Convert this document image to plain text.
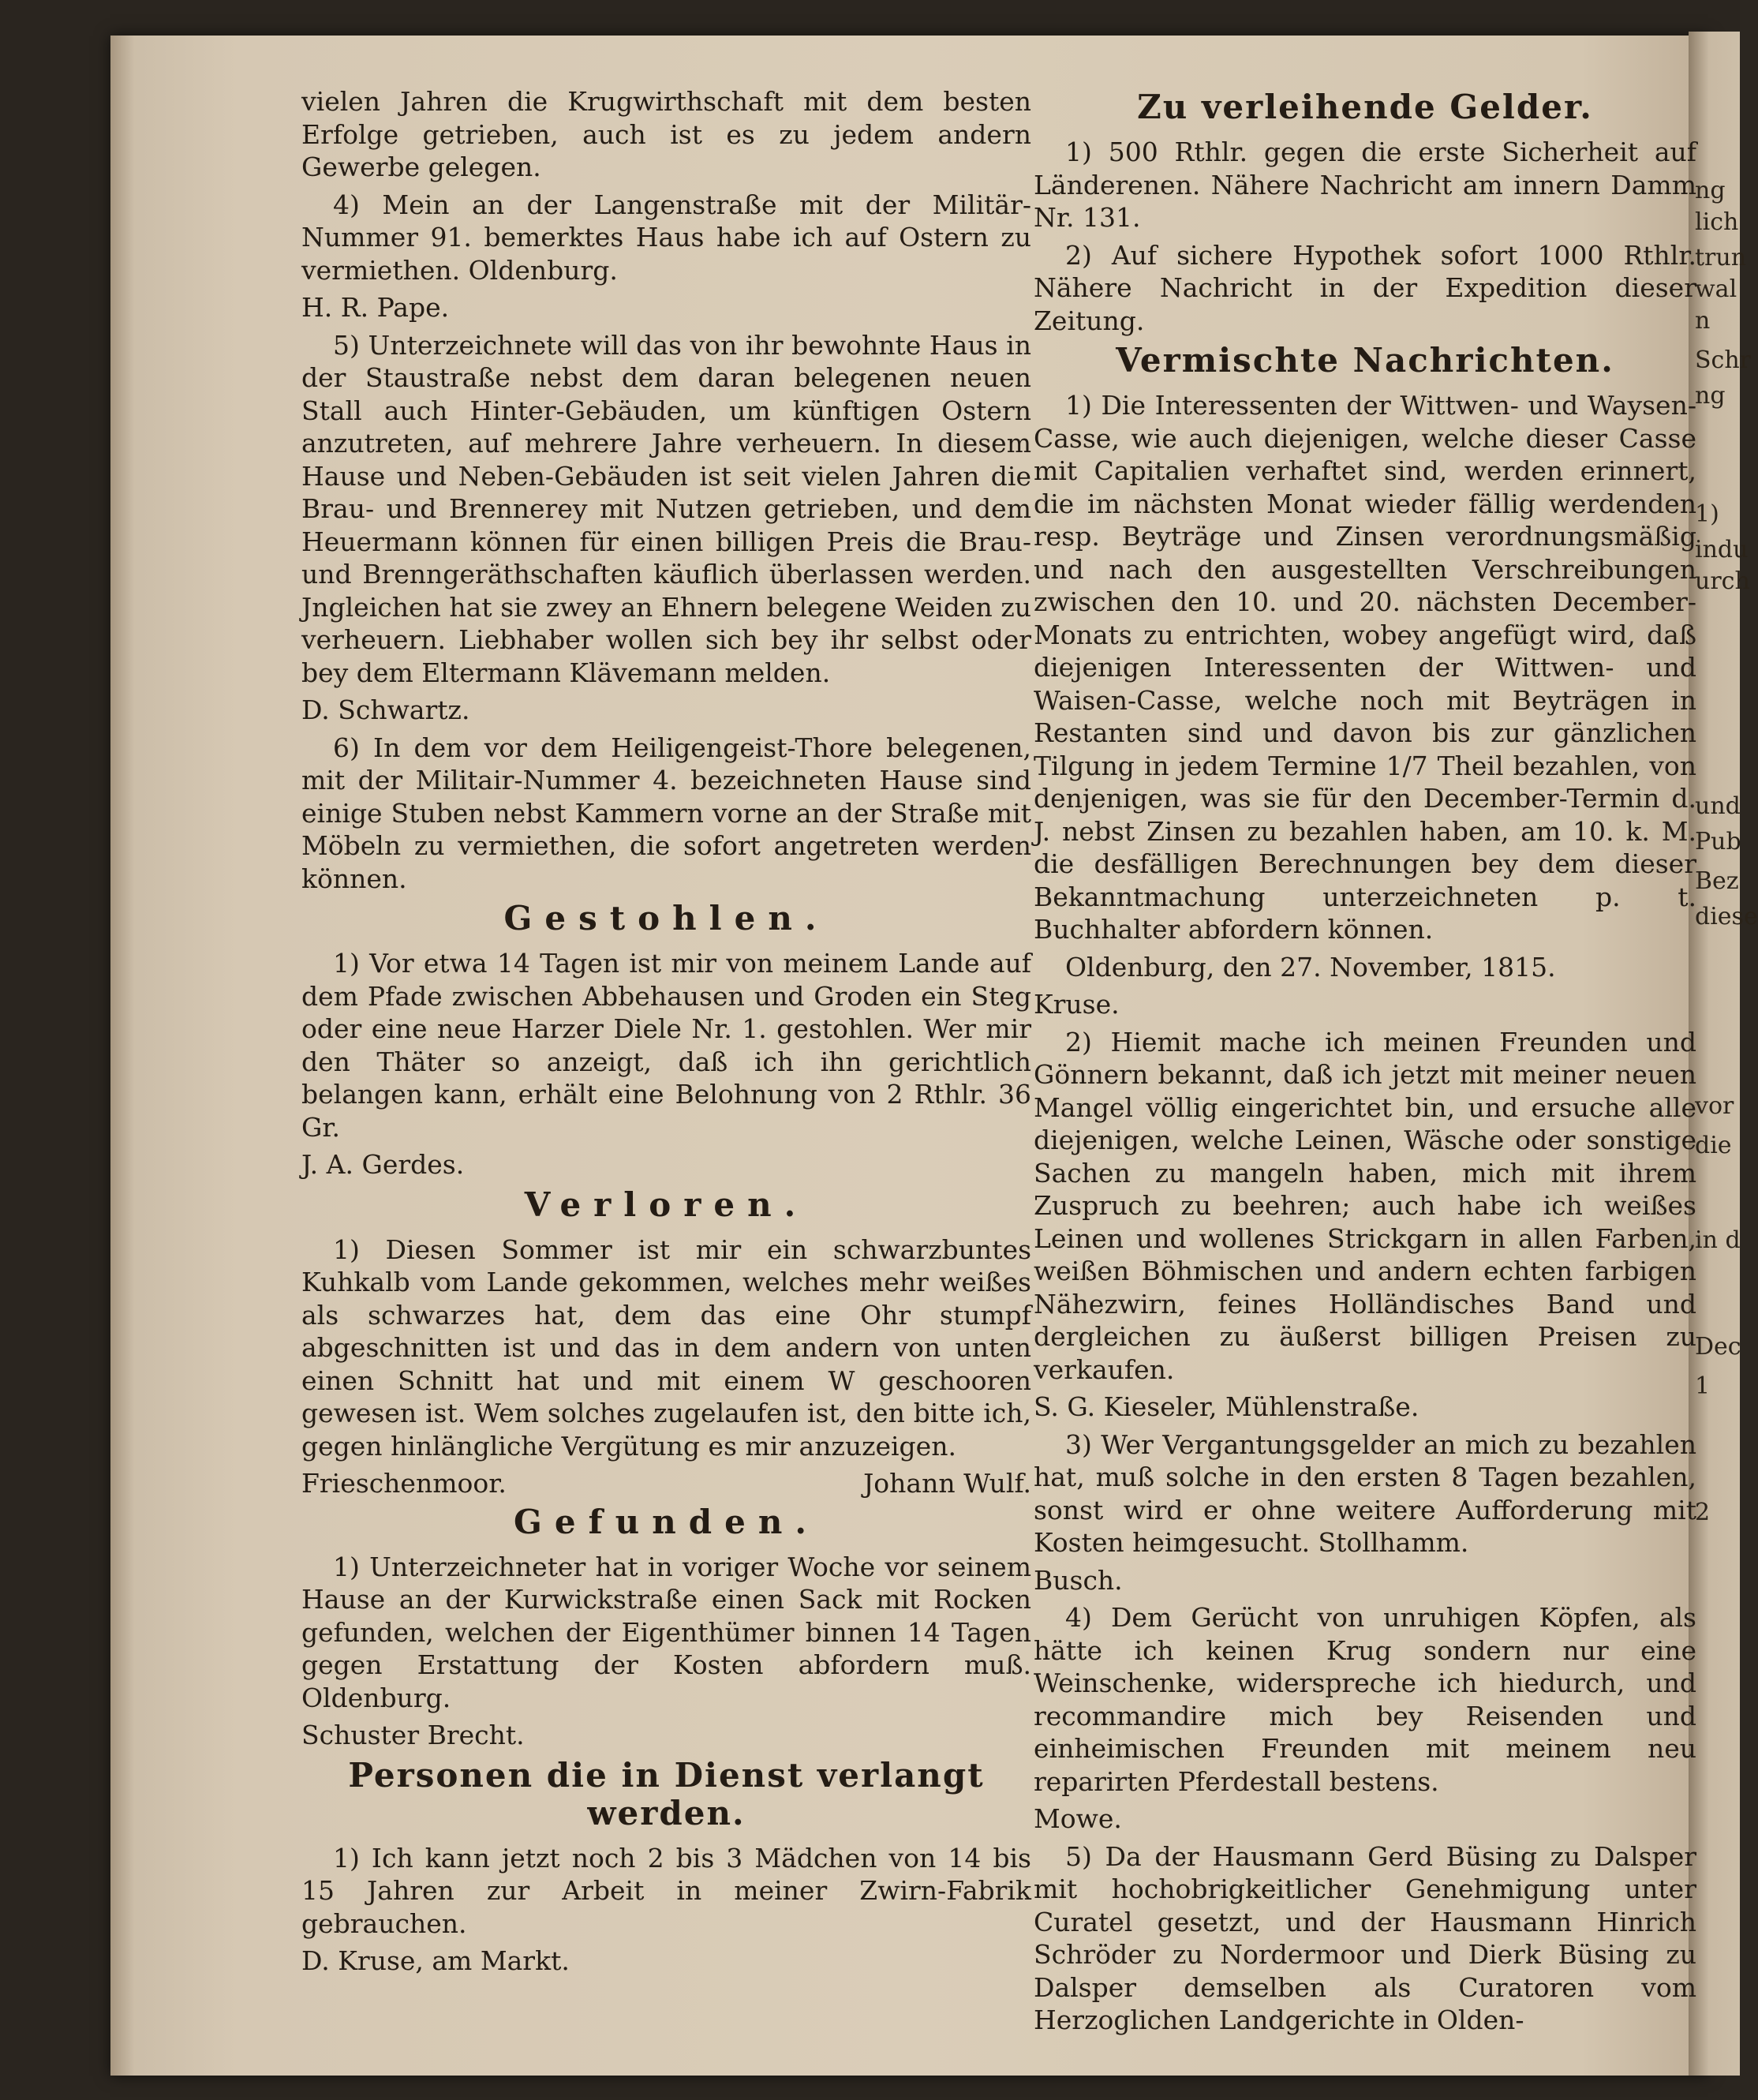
ng
lich
trun
wal
n
Schr
ng
1)
indu
urch
und
Pub
Bez
diese
vor
die
in d
Dec
1
2

vielen Jahren die Krugwirthschaft mit dem besten Erfolge getrieben, auch ist es zu jedem andern Gewerbe gelegen.

4) Mein an der Langenstraße mit der Militär-Nummer 91. bemerktes Haus habe ich auf Ostern zu vermiethen. Oldenburg.

H. R. Pape.

5) Unterzeichnete will das von ihr bewohnte Haus in der Staustraße nebst dem daran belegenen neuen Stall auch Hinter-Gebäuden, um künftigen Ostern anzutreten, auf mehrere Jahre verheuern. In diesem Hause und Neben-Gebäuden ist seit vielen Jahren die Brau- und Brennerey mit Nutzen getrieben, und dem Heuermann können für einen billigen Preis die Brau- und Brenngeräthschaften käuflich überlassen werden. Jngleichen hat sie zwey an Ehnern belegene Weiden zu verheuern. Liebhaber wollen sich bey ihr selbst oder bey dem Eltermann Klävemann melden.

D. Schwartz.

6) In dem vor dem Heiligengeist-Thore belegenen, mit der Militair-Nummer 4. bezeichneten Hause sind einige Stuben nebst Kammern vorne an der Straße mit Möbeln zu vermiethen, die sofort angetreten werden können.

Gestohlen.

1) Vor etwa 14 Tagen ist mir von meinem Lande auf dem Pfade zwischen Abbehausen und Groden ein Steg oder eine neue Harzer Diele Nr. 1. gestohlen. Wer mir den Thäter so anzeigt, daß ich ihn gerichtlich belangen kann, erhält eine Belohnung von 2 Rthlr. 36 Gr.

J. A. Gerdes.

Verloren.

1) Diesen Sommer ist mir ein schwarzbuntes Kuhkalb vom Lande gekommen, welches mehr weißes als schwarzes hat, dem das eine Ohr stumpf abgeschnitten ist und das in dem andern von unten einen Schnitt hat und mit einem W geschooren gewesen ist. Wem solches zugelaufen ist, den bitte ich, gegen hinlängliche Vergütung es mir anzuzeigen.

Frieschenmoor.	Johann Wulf.
Gefunden.

1) Unterzeichneter hat in voriger Woche vor seinem Hause an der Kurwickstraße einen Sack mit Rocken gefunden, welchen der Eigenthümer binnen 14 Tagen gegen Erstattung der Kosten abfordern muß. Oldenburg.

Schuster Brecht.

Personen die in Dienst verlangt werden.

1) Ich kann jetzt noch 2 bis 3 Mädchen von 14 bis 15 Jahren zur Arbeit in meiner Zwirn-Fabrik gebrauchen.

D. Kruse, am Markt.

Zu verleihende Gelder.

1) 500 Rthlr. gegen die erste Sicherheit auf Länderenen. Nähere Nachricht am innern Damm Nr. 131.

2) Auf sichere Hypothek sofort 1000 Rthlr. Nähere Nachricht in der Expedition dieser Zeitung.

Vermischte Nachrichten.

1) Die Interessenten der Wittwen- und Waysen-Casse, wie auch diejenigen, welche dieser Casse mit Capitalien verhaftet sind, werden erinnert, die im nächsten Monat wieder fällig werdenden resp. Beyträge und Zinsen verordnungsmäßig und nach den ausgestellten Verschreibungen zwischen den 10. und 20. nächsten December-Monats zu entrichten, wobey angefügt wird, daß diejenigen Interessenten der Wittwen- und Waisen-Casse, welche noch mit Beyträgen in Restanten sind und davon bis zur gänzlichen Tilgung in jedem Termine 1/7 Theil bezahlen, von denjenigen, was sie für den December-Termin d. J. nebst Zinsen zu bezahlen haben, am 10. k. M. die desfälligen Berechnungen bey dem dieser Bekanntmachung unterzeichneten p. t. Buchhalter abfordern können.

Oldenburg, den 27. November, 1815.

Kruse.

2) Hiemit mache ich meinen Freunden und Gönnern bekannt, daß ich jetzt mit meiner neuen Mangel völlig eingerichtet bin, und ersuche alle diejenigen, welche Leinen, Wäsche oder sonstige Sachen zu mangeln haben, mich mit ihrem Zuspruch zu beehren; auch habe ich weißes Leinen und wollenes Strickgarn in allen Farben, weißen Böhmischen und andern echten farbigen Nähezwirn, feines Holländisches Band und dergleichen zu äußerst billigen Preisen zu verkaufen.

S. G. Kieseler, Mühlenstraße.

3) Wer Vergantungsgelder an mich zu bezahlen hat, muß solche in den ersten 8 Tagen bezahlen, sonst wird er ohne weitere Aufforderung mit Kosten heimgesucht. Stollhamm.

Busch.

4) Dem Gerücht von unruhigen Köpfen, als hätte ich keinen Krug sondern nur eine Weinschenke, widerspreche ich hiedurch, und recommandire mich bey Reisenden und einheimischen Freunden mit meinem neu reparirten Pferdestall bestens.

Mowe.

5) Da der Hausmann Gerd Büsing zu Dalsper mit hochobrigkeitlicher Genehmigung unter Curatel gesetzt, und der Hausmann Hinrich Schröder zu Nordermoor und Dierk Büsing zu Dalsper demselben als Curatoren vom Herzoglichen Landgerichte in Olden-
